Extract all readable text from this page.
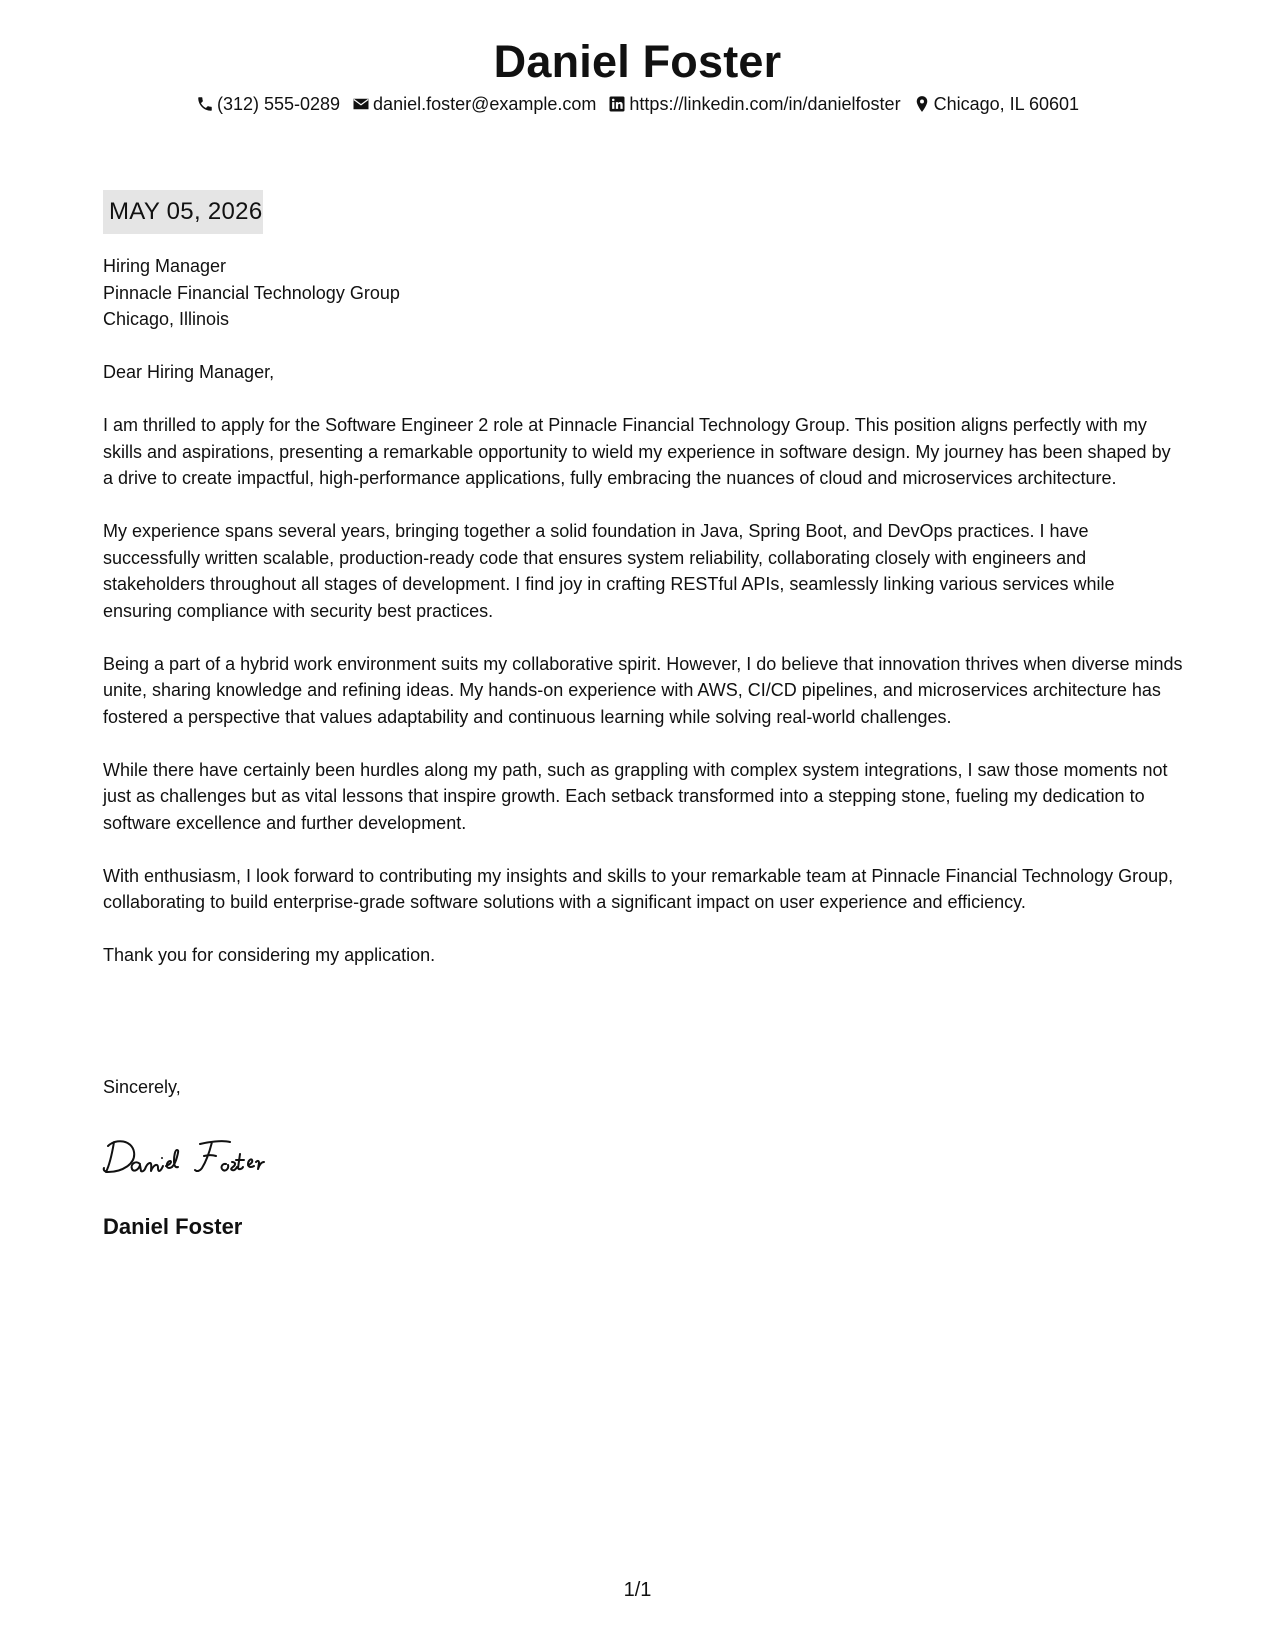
Daniel Foster
(312) 555-0289 daniel.foster@example.com https://linkedin.com/in/danielfoster Chicago, IL 60601
MAY 05, 2026

Hiring Manager
Pinnacle Financial Technology Group
Chicago, Illinois

Dear Hiring Manager,

I am thrilled to apply for the Software Engineer 2 role at Pinnacle Financial Technology Group. This position aligns perfectly with my skills and aspirations, presenting a remarkable opportunity to wield my experience in software design. My journey has been shaped by a drive to create impactful, high-performance applications, fully embracing the nuances of cloud and microservices architecture.

My experience spans several years, bringing together a solid foundation in Java, Spring Boot, and DevOps practices. I have successfully written scalable, production-ready code that ensures system reliability, collaborating closely with engineers and stakeholders throughout all stages of development. I find joy in crafting RESTful APIs, seamlessly linking various services while ensuring compliance with security best practices.

Being a part of a hybrid work environment suits my collaborative spirit. However, I do believe that innovation thrives when diverse minds unite, sharing knowledge and refining ideas. My hands-on experience with AWS, CI/CD pipelines, and microservices architecture has fostered a perspective that values adaptability and continuous learning while solving real-world challenges.

While there have certainly been hurdles along my path, such as grappling with complex system integrations, I saw those moments not just as challenges but as vital lessons that inspire growth. Each setback transformed into a stepping stone, fueling my dedication to software excellence and further development.

With enthusiasm, I look forward to contributing my insights and skills to your remarkable team at Pinnacle Financial Technology Group, collaborating to build enterprise-grade software solutions with a significant impact on user experience and efficiency.

Thank you for considering my application.

Sincerely,
Daniel Foster
1/1
